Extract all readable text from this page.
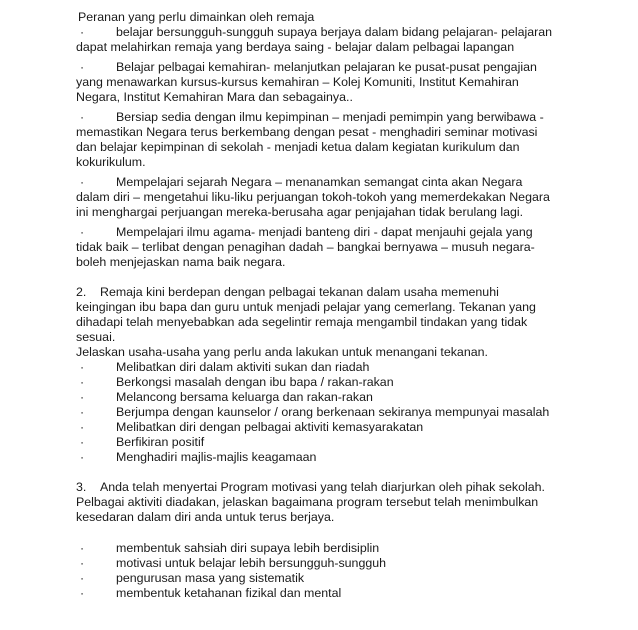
Peranan yang perlu dimainkan oleh remaja
·	belajar bersungguh-sungguh supaya berjaya dalam bidang pelajaran- pelajaran dapat melahirkan remaja yang berdaya saing - belajar dalam pelbagai lapangan
·	Belajar pelbagai kemahiran- melanjutkan pelajaran ke pusat-pusat pengajian yang menawarkan kursus-kursus kemahiran – Kolej Komuniti, Institut Kemahiran Negara, Institut Kemahiran Mara dan sebagainya..
·	Bersiap sedia dengan ilmu kepimpinan – menjadi pemimpin yang berwibawa - memastikan Negara terus berkembang dengan pesat - menghadiri seminar motivasi dan belajar kepimpinan di sekolah - menjadi ketua dalam kegiatan kurikulum dan kokurikulum.
·	Mempelajari sejarah Negara – menanamkan semangat cinta akan Negara dalam diri – mengetahui liku-liku perjuangan tokoh-tokoh yang memerdekakan Negara ini menghargai perjuangan mereka-berusaha agar penjajahan tidak berulang lagi.
·	Mempelajari ilmu agama- menjadi banteng diri - dapat menjauhi gejala yang tidak baik – terlibat dengan penagihan dadah – bangkai bernyawa – musuh negara- boleh menjejaskan nama baik negara.
2. Remaja kini berdepan dengan pelbagai tekanan dalam usaha memenuhi keingingan ibu bapa dan guru untuk menjadi pelajar yang cemerlang. Tekanan yang dihadapi telah menyebabkan ada segelintir remaja mengambil tindakan yang tidak sesuai.
Jelaskan usaha-usaha yang perlu anda lakukan untuk menangani tekanan.
·	Melibatkan diri dalam aktiviti sukan dan riadah
·	Berkongsi masalah dengan ibu bapa / rakan-rakan
·	Melancong bersama keluarga dan rakan-rakan
·	Berjumpa dengan kaunselor / orang berkenaan sekiranya mempunyai masalah
·	Melibatkan diri dengan pelbagai aktiviti kemasyarakatan
·	Berfikiran positif
·	Menghadiri majlis-majlis keagamaan
3. Anda telah menyertai Program motivasi yang telah diarjurkan oleh pihak sekolah. Pelbagai aktiviti diadakan, jelaskan bagaimana program tersebut telah menimbulkan kesedaran dalam diri anda untuk terus berjaya.
·	membentuk sahsiah diri supaya lebih berdisiplin
·	motivasi untuk belajar lebih bersungguh-sungguh
·	pengurusan masa yang sistematik
·	membentuk ketahanan fizikal dan mental
